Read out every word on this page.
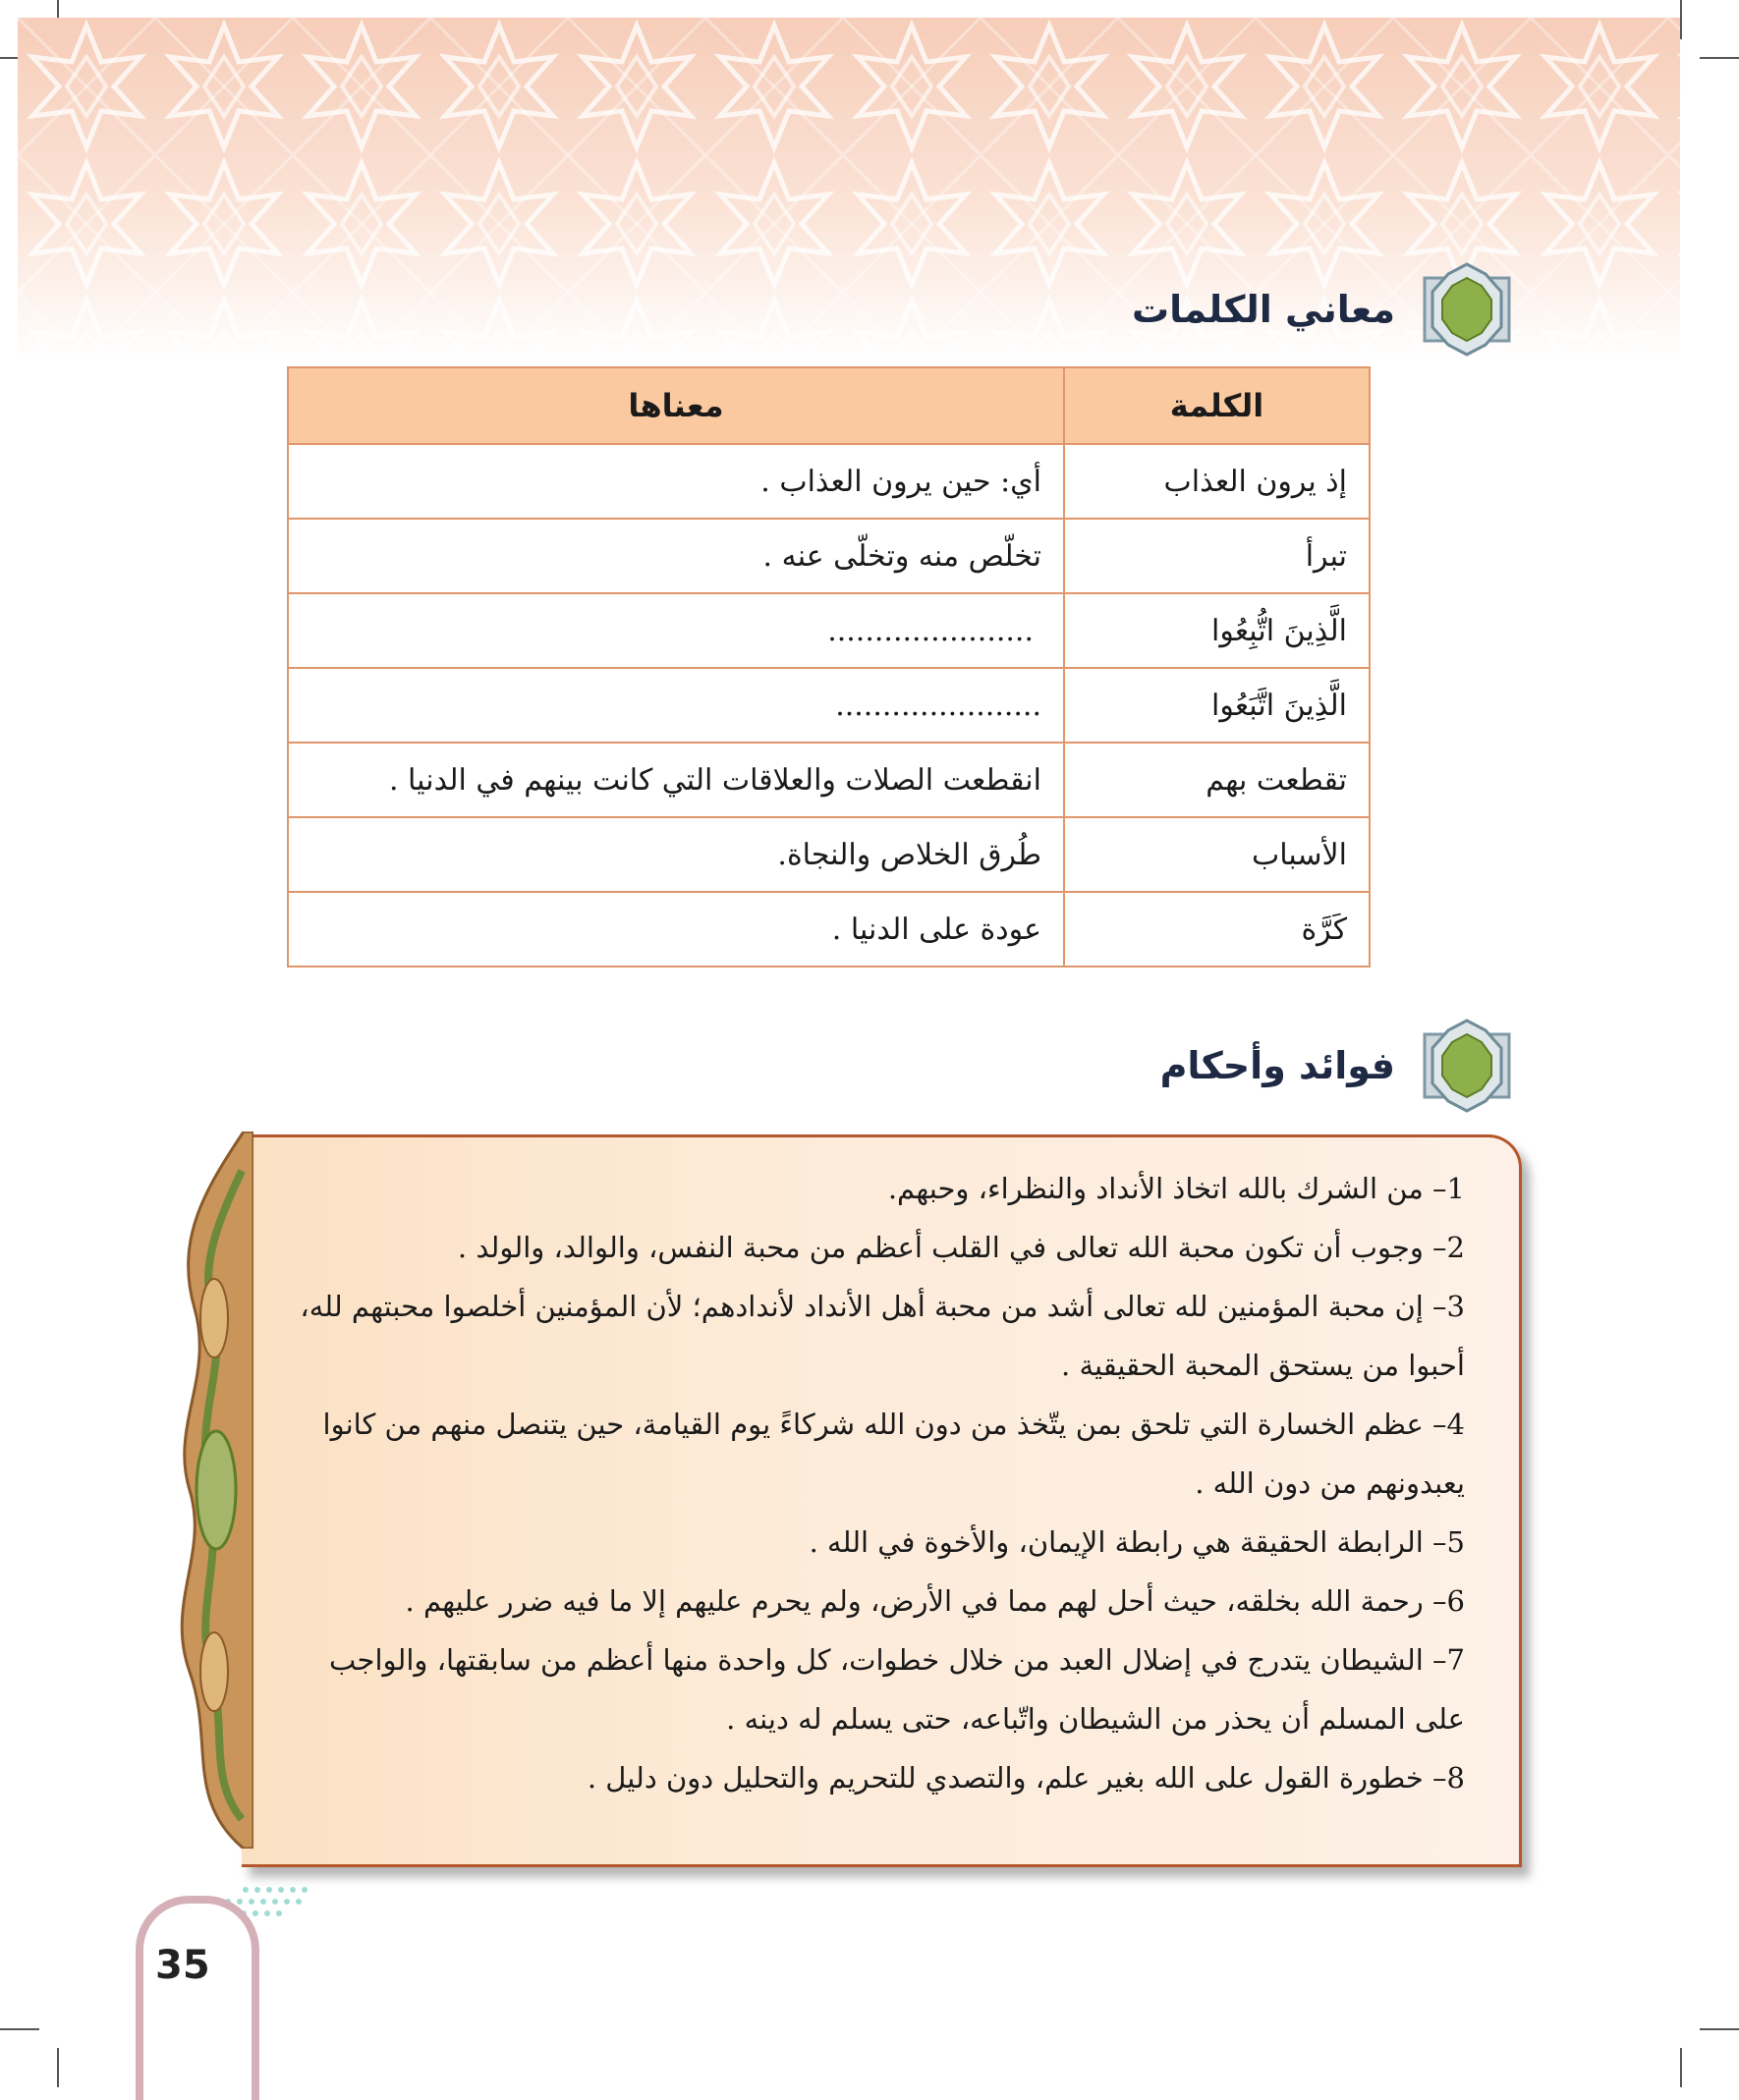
معاني الكلمات
الكلمة	معناها
إذ يرون العذاب	أي: حين يرون العذاب .
تبرأ	تخلّص منه وتخلّى عنه .
الَّذِينَ اتُّبِعُوا	......................
الَّذِينَ اتَّبَعُوا	......................
تقطعت بهم	انقطعت الصلات والعلاقات التي كانت بينهم في الدنيا .
الأسباب	طُرق الخلاص والنجاة.
كَرَّة	عودة على الدنيا .
فوائد وأحكام
1– من الشرك بالله اتخاذ الأنداد والنظراء، وحبهم.
2– وجوب أن تكون محبة الله تعالى في القلب أعظم من محبة النفس، والوالد، والولد .
3– إن محبة المؤمنين لله تعالى أشد من محبة أهل الأنداد لأندادهم؛ لأن المؤمنين أخلصوا محبتهم لله، أحبوا من يستحق المحبة الحقيقية .
4– عظم الخسارة التي تلحق بمن يتّخذ من دون الله شركاءً يوم القيامة، حين يتنصل منهم من كانوا يعبدونهم من دون الله .
5– الرابطة الحقيقة هي رابطة الإيمان، والأخوة في الله .
6– رحمة الله بخلقه، حيث أحل لهم مما في الأرض، ولم يحرم عليهم إلا ما فيه ضرر عليهم .
7– الشيطان يتدرج في إضلال العبد من خلال خطوات، كل واحدة منها أعظم من سابقتها، والواجب على المسلم أن يحذر من الشيطان واتّباعه، حتى يسلم له دينه .
8– خطورة القول على الله بغير علم، والتصدي للتحريم والتحليل دون دليل .
35
